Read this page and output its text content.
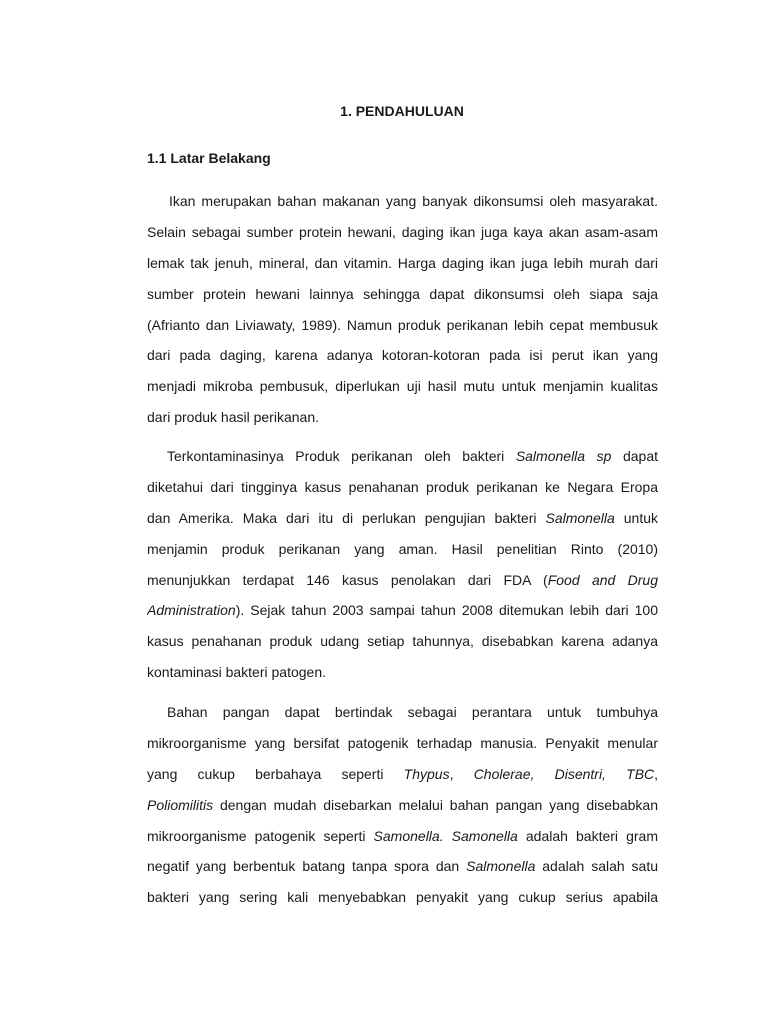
1. PENDAHULUAN
1.1 Latar Belakang
Ikan merupakan bahan makanan yang banyak dikonsumsi oleh masyarakat.
Selain sebagai sumber protein hewani, daging ikan juga kaya akan asam-asam
lemak tak jenuh, mineral, dan vitamin. Harga daging ikan juga lebih murah dari
sumber protein hewani lainnya sehingga dapat dikonsumsi oleh siapa saja
(Afrianto dan Liviawaty, 1989). Namun produk perikanan lebih cepat membusuk
dari pada daging, karena adanya kotoran-kotoran pada isi perut ikan yang
menjadi mikroba pembusuk, diperlukan uji hasil mutu untuk menjamin kualitas
dari produk hasil perikanan.
Terkontaminasinya Produk perikanan oleh bakteri Salmonella sp dapat
diketahui dari tingginya kasus penahanan produk perikanan ke Negara Eropa
dan Amerika. Maka dari itu di perlukan pengujian bakteri Salmonella untuk
menjamin produk perikanan yang aman. Hasil penelitian Rinto (2010)
menunjukkan terdapat 146 kasus penolakan dari FDA (Food and Drug
Administration). Sejak tahun 2003 sampai tahun 2008 ditemukan lebih dari 100
kasus penahanan produk udang setiap tahunnya, disebabkan karena adanya
kontaminasi bakteri patogen.
Bahan pangan dapat bertindak sebagai perantara untuk tumbuhya
mikroorganisme yang bersifat patogenik terhadap manusia. Penyakit menular
yang cukup berbahaya seperti Thypus, Cholerae, Disentri, TBC,
Poliomilitis dengan mudah disebarkan melalui bahan pangan yang disebabkan
mikroorganisme patogenik seperti Samonella. Samonella adalah bakteri gram
negatif yang berbentuk batang tanpa spora dan Salmonella adalah salah satu
bakteri yang sering kali menyebabkan penyakit yang cukup serius apabila
